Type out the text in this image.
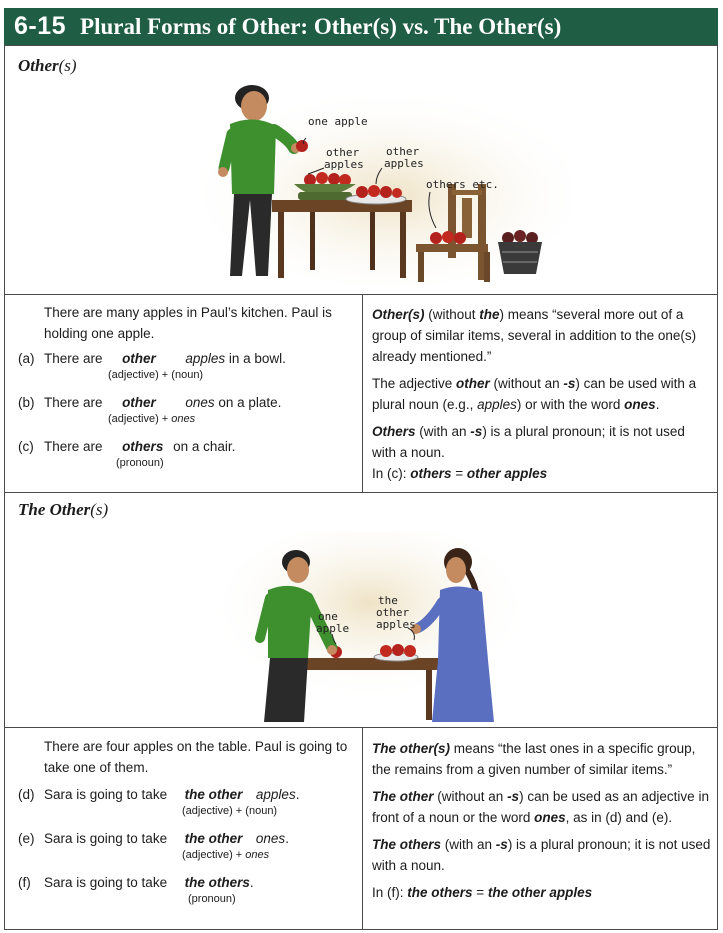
6-15 Plural Forms of Other: Other(s) vs. The Other(s)
Other(s)
one apple
other
apples
other
apples
others etc.
There are many apples in Paul’s kitchen. Paul is holding one apple.
(a) There are other apples in a bowl.
(adjective) + (noun)
(b) There are other ones on a plate.
(adjective) + ones
(c) There are others on a chair.
(pronoun)

Other(s) (without the) means “several more out of a group of similar items, several in addition to the one(s) already mentioned.”

The adjective other (without an -s) can be used with a plural noun (e.g., apples) or with the word ones.

Others (with an -s) is a plural pronoun; it is not used with a noun.

In (c): others = other apples

The Other(s)
one
apple
the
other
apples
There are four apples on the table. Paul is going to take one of them.
(d) Sara is going to take the other apples.
(adjective) + (noun)
(e) Sara is going to take the other ones.
(adjective) + ones
(f) Sara is going to take the others.
(pronoun)

The other(s) means “the last ones in a specific group, the remains from a given number of similar items.”

The other (without an -s) can be used as an adjective in front of a noun or the word ones, as in (d) and (e).

The others (with an -s) is a plural pronoun; it is not used with a noun.

In (f): the others = the other apples
